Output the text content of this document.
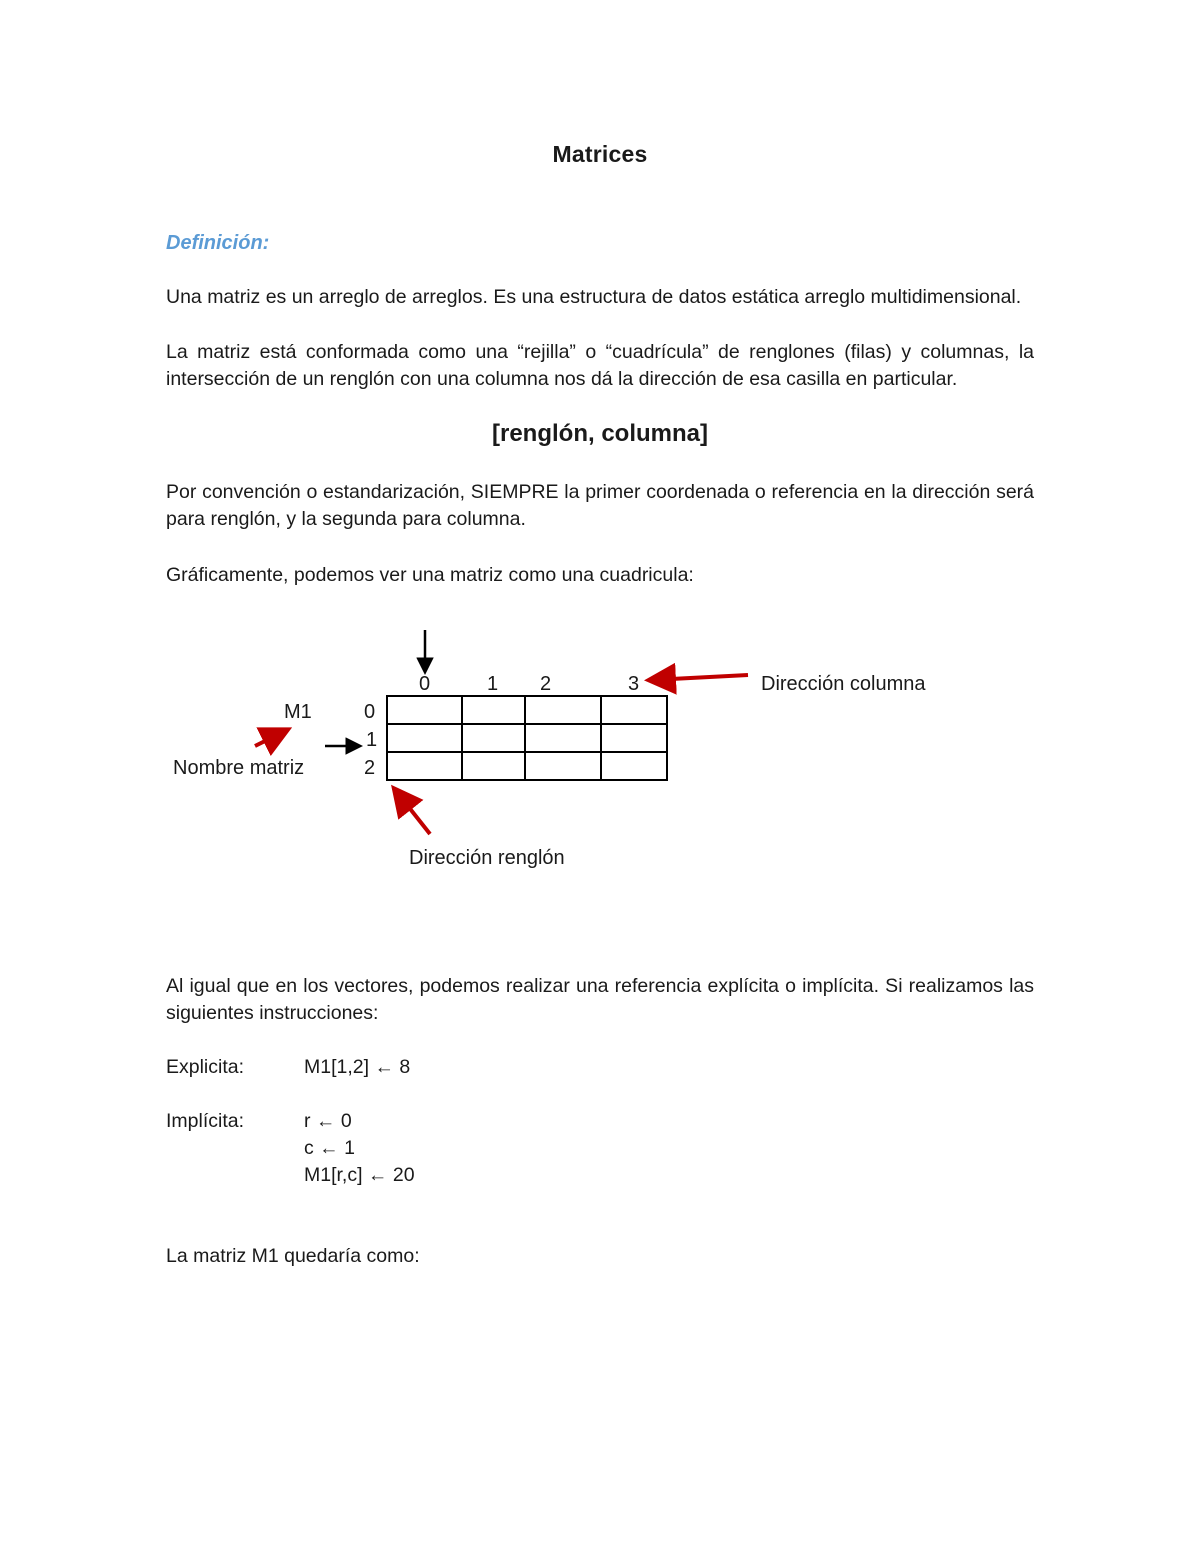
Matrices
Definición:
Una matriz es un arreglo de arreglos. Es una estructura de datos estática arreglo multidimensional.
La matriz está conformada como una “rejilla” o “cuadrícula” de renglones (filas) y columnas, la
intersección de un renglón con una columna nos dá la dirección de esa casilla en particular.
[renglón, columna]
Por convención o estandarización, SIEMPRE la primer coordenada o referencia en la dirección será
para renglón, y la segunda para columna.
Gráficamente, podemos ver una matriz como una cuadricula:
0	1 2	3
0
1
2
M1
Nombre matriz
Dirección columna
Dirección renglón
Al igual que en los vectores, podemos realizar una referencia explícita o implícita. Si realizamos las
siguientes instrucciones:
Explicita:	M1[1,2] ← 8
Implícita:	r ← 0
c ← 1
M1[r,c] ← 20
La matriz M1 quedaría como:
